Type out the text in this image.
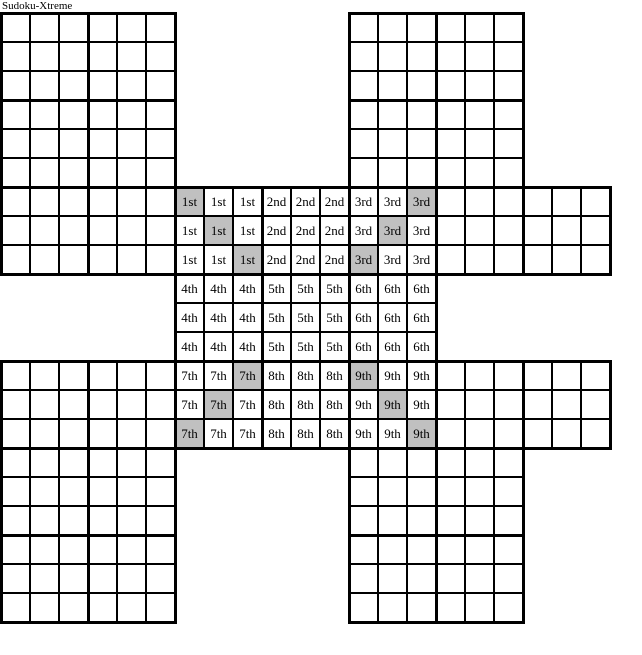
Sudoku-Xtreme
1st	1st	1st 2nd 2nd 2nd 3rd 3rd 3rd
1st	1st	1st 2nd 2nd 2nd 3rd 3rd 3rd
1st	1st	1st 2nd 2nd 2nd 3rd 3rd 3rd
4th 4th 4th 5th 5th 5th 6th 6th 6th
4th 4th 4th 5th 5th 5th 6th 6th 6th
4th 4th 4th 5th 5th 5th 6th 6th 6th
7th 7th 7th 8th 8th 8th 9th 9th 9th
7th 7th 7th 8th 8th 8th 9th 9th 9th
7th 7th 7th 8th 8th 8th 9th 9th 9th
